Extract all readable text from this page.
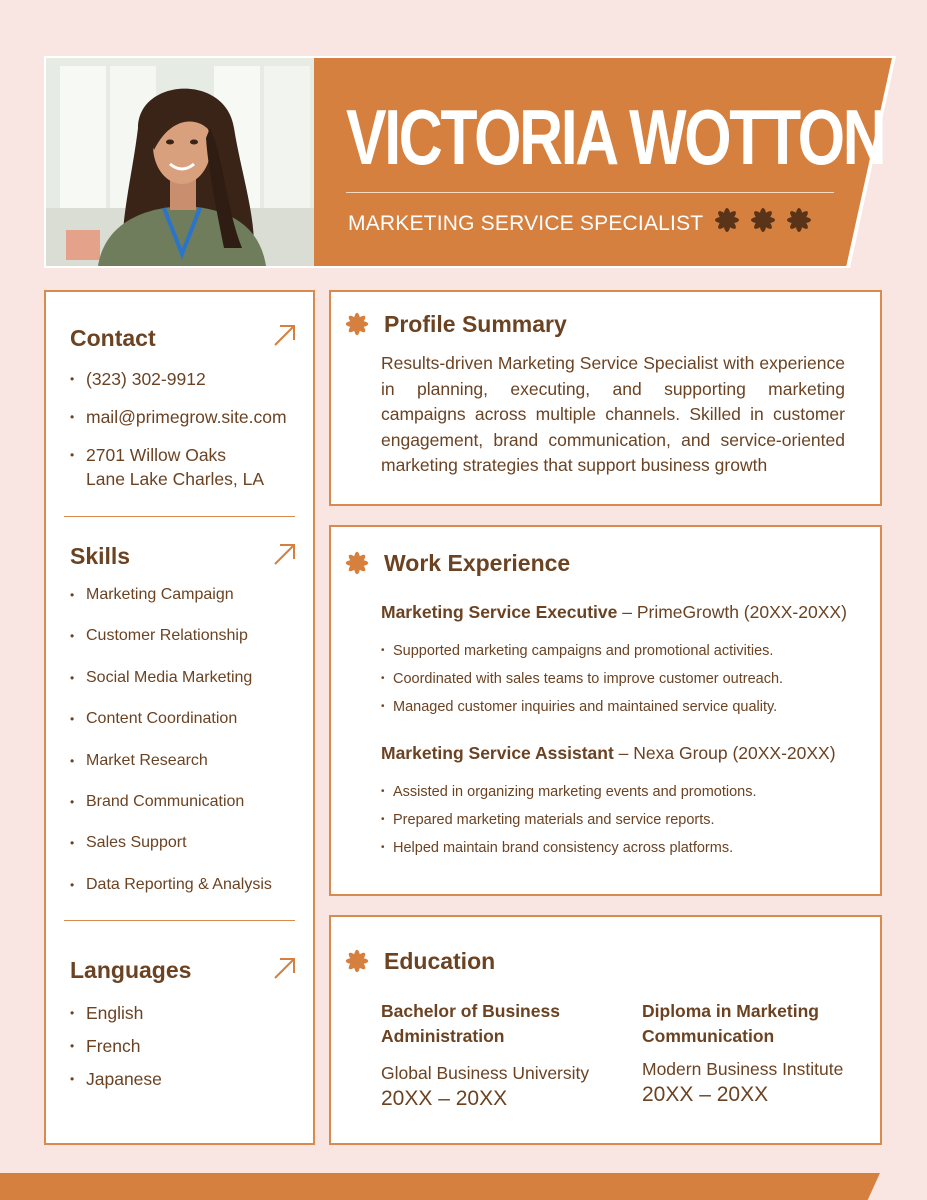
VICTORIA WOTTON
MARKETING SERVICE SPECIALIST
Contact
• (323) 302-9912
• mail@primegrow.site.com
• 2701 Willow Oaks
Lane Lake Charles, LA
Skills
• Marketing Campaign
• Customer Relationship
• Social Media Marketing
• Content Coordination
• Market Research
• Brand Communication
• Sales Support
• Data Reporting & Analysis
Languages
• English
• French
• Japanese
Profile Summary
Results-driven Marketing Service Specialist with experience in planning, executing, and supporting marketing campaigns across multiple channels. Skilled in customer engagement, brand communication, and service-oriented marketing strategies that support business growth
Work Experience
Marketing Service Executive – PrimeGrowth (20XX-20XX)
• Supported marketing campaigns and promotional activities.
• Coordinated with sales teams to improve customer outreach.
• Managed customer inquiries and maintained service quality.
Marketing Service Assistant – Nexa Group (20XX-20XX)
• Assisted in organizing marketing events and promotions.
• Prepared marketing materials and service reports.
• Helped maintain brand consistency across platforms.
Education
Bachelor of Business
Administration
Global Business University
20XX – 20XX
Diploma in Marketing
Communication
Modern Business Institute
20XX – 20XX
